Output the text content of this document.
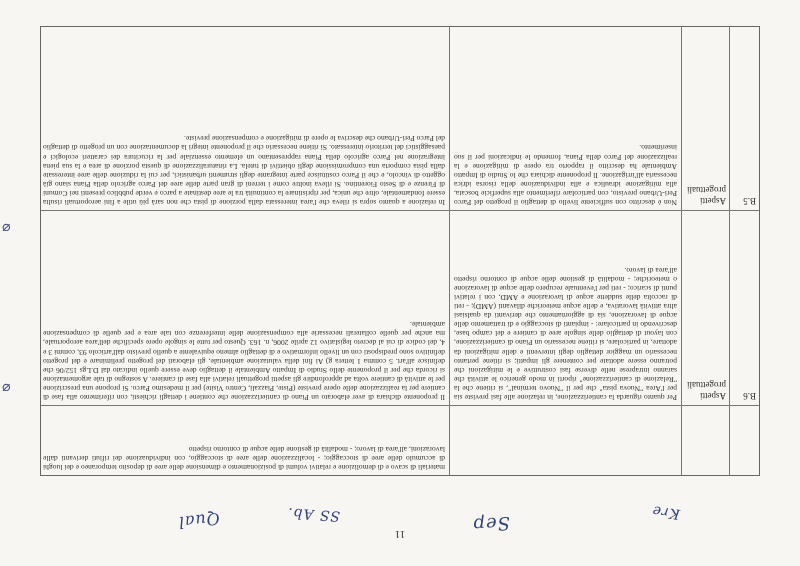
11
Qual	SS Ab.	Sep
Kre
materiali di scavo e di demolizione e relativi volumi di posizionamento e dimensione delle aree di deposito temporaneo e dei luoghi di accumulo delle aree di stoccaggio; - localizzazione delle aree di stoccaggio, con individuazione dei rifiuti derivanti dalle lavorazioni, all'area di lavoro; - modalità di gestione delle acque di contorno rispetto
B.6
Aspetti progettuali
Per quanto riguarda la cantierizzazione, in relazione alle fasi previste sia per l'Area "Nuova pista" che per il "Nuovo terminal", si ritiene che la "Relazione di cantierizzazione" riporti in modo generico le attività che saranno intraprese nelle diverse fasi costruttive e le mitigazioni che potranno essere adottate per contenere gli impatti; si ritiene pertanto necessario un maggior dettaglio degli interventi e delle mitigazioni da adottare, in particolare, si ritiene necessario un Piano di cantierizzazione, con layout di dettaglio delle singole aree di cantiere e del campo base, descrivendo in particolare: - impianti di stoccaggio e di trattamento delle acque di lavorazione, sia di aggiornamento che derivanti da qualsiasi altra attività lavorativa, e delle acque meteoriche dilavanti (AMD); - reti di raccolta delle suddette acque di lavorazione e AMD, con i relativi punti di scarico; - reti per l'eventuale recupero delle acque di lavorazione o meteoriche; - modalità di gestione delle acque di contorno rispetto all'area di lavoro.
Il proponente dichiara di aver elaborato un Piano di cantierizzazione che contiene i dettagli richiesti, con riferimento alla fase di cantiere per la realizzazione delle opere previste (Piste, Piazzali, Centro Visite) per il medesimo Parco. Si propone una prescrizione per le attività di cantiere volta ad approfondire gli aspetti progettuali relativi alla fase di cantiere. A sostegno di tale argomentazione si ricorda che per il proponente dello Studio di Impatto Ambientale il dettaglio deve essere quello indicato dal D.Lgs 152/06 che definisce all'art. 5 comma 1 lettera g) Ai fini della valutazione ambientale, gli elaborati del progetto preliminare e del progetto definitivo sono predisposti con un livello informativo e di dettaglio almeno equivalente a quello previsto dall'articolo 93, commi 3 e 4, del codice di cui al decreto legislativo 12 aprile 2006, n. 163. Questo per tutte le singole opere specifiche dell'area aeroportuale, ma anche per quelle collaterali necessarie alla compensazione delle interferenze con tale area e per quelle di compensazione ambientale.
B.5
Aspetti progettuali
Non è descritto con sufficiente livello di dettaglio il progetto del Parco Peri-Urbano previsto, con particolare riferimento alla superficie boscata, alla mitigazione idraulica e alla individuazione della risorsa idrica necessaria all'irrigazione. Il proponente dichiara che lo Studio di Impatto Ambientale ha descritto il rapporto tra opere di mitigazione e la realizzazione del Parco della Piana, fornendo le indicazioni per il suo inserimento.
In relazione a quanto sopra si rileva che l'area interessata dalla porzione di pista che non sarà più utile a fini aeroportuali risulta essere fondamentale, oltre che unica, per ripristinare la continuità tra le aree destinate a parco e verde pubblico presenti nei Comuni di Firenze e di Sesto Fiorentino. Si rileva inoltre come i terreni di gran parte delle aree del Parco agricolo della Piana siano già oggetto di vincolo, e che il Parco costituisce parte integrante degli strumenti urbanistici, per cui la riduzione delle aree interessate dalla pista comporta una compromissione degli obiettivi di tutela. La rinaturalizzazione di questa porzione di area e la sua piena integrazione nel Parco agricolo della Piana rappresentano un elemento essenziale per la ricucitura dei caratteri ecologici e paesaggistici del territorio interessato. Si ritiene necessario che il proponente integri la documentazione con un progetto di dettaglio del Parco Peri-Urbano che descriva le opere di mitigazione e compensazione previste.
⌀
⌀
